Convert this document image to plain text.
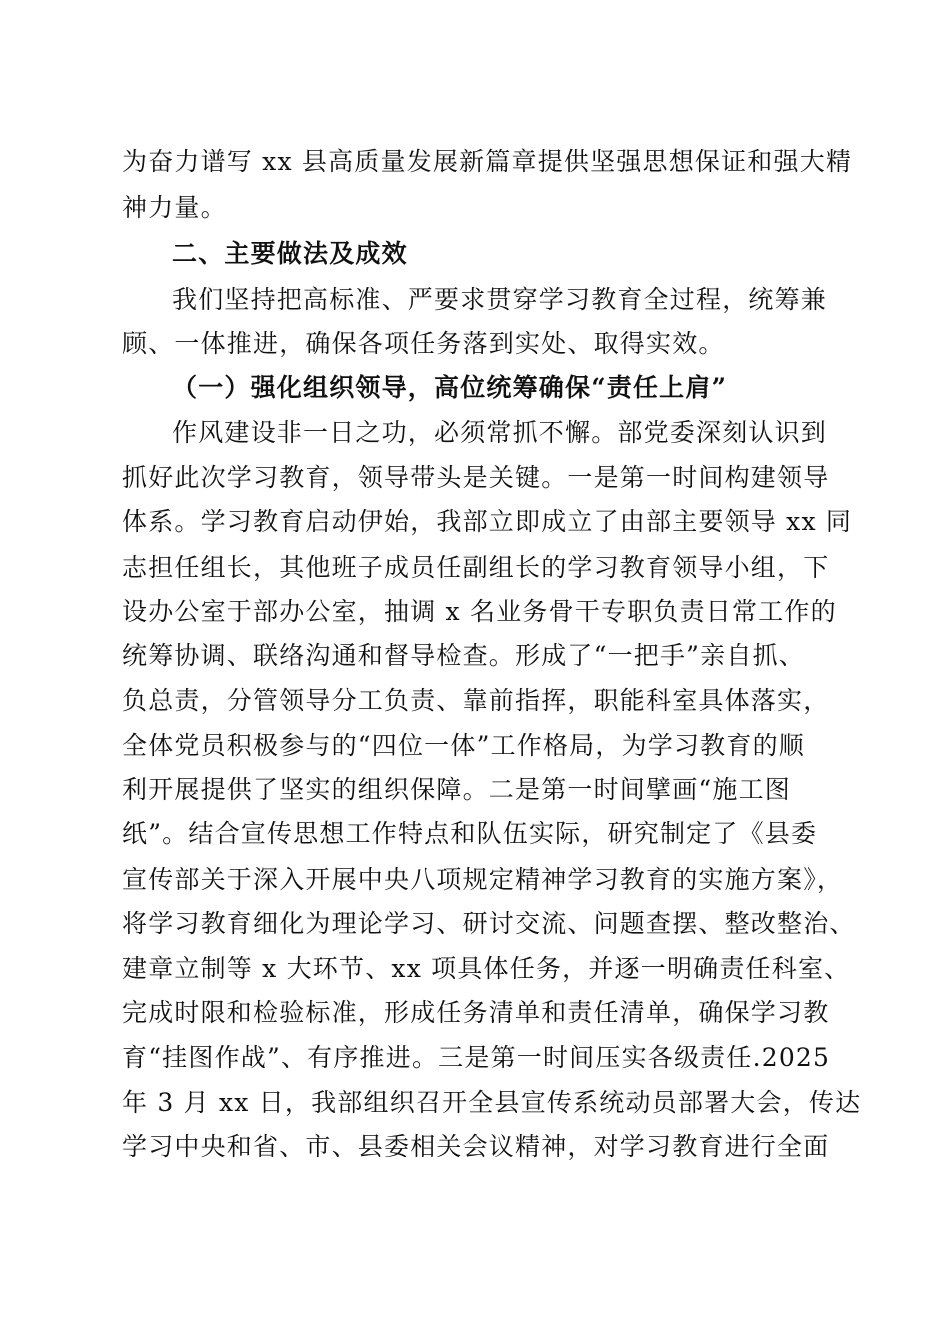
为奋力谱写 xx 县高质量发展新篇章提供坚强思想保证和强大精
神力量。
二、主要做法及成效
我们坚持把高标准、严要求贯穿学习教育全过程，统筹兼
顾、一体推进，确保各项任务落到实处、取得实效。
（一）强化组织领导，高位统筹确保“责任上肩”
作风建设非一日之功，必须常抓不懈。部党委深刻认识到
抓好此次学习教育，领导带头是关键。一是第一时间构建领导
体系。学习教育启动伊始，我部立即成立了由部主要领导 xx 同
志担任组长，其他班子成员任副组长的学习教育领导小组，下
设办公室于部办公室，抽调 x 名业务骨干专职负责日常工作的
统筹协调、联络沟通和督导检查。形成了“一把手”亲自抓、
负总责，分管领导分工负责、靠前指挥，职能科室具体落实，
全体党员积极参与的“四位一体”工作格局，为学习教育的顺
利开展提供了坚实的组织保障。二是第一时间擘画“施工图
纸”。结合宣传思想工作特点和队伍实际，研究制定了《县委
宣传部关于深入开展中央八项规定精神学习教育的实施方案》，
将学习教育细化为理论学习、研讨交流、问题查摆、整改整治、
建章立制等 x 大环节、xx 项具体任务，并逐一明确责任科室、
完成时限和检验标准，形成任务清单和责任清单，确保学习教
育“挂图作战”、有序推进。三是第一时间压实各级责任.2025
年 3 月 xx 日，我部组织召开全县宣传系统动员部署大会，传达
学习中央和省、市、县委相关会议精神，对学习教育进行全面
